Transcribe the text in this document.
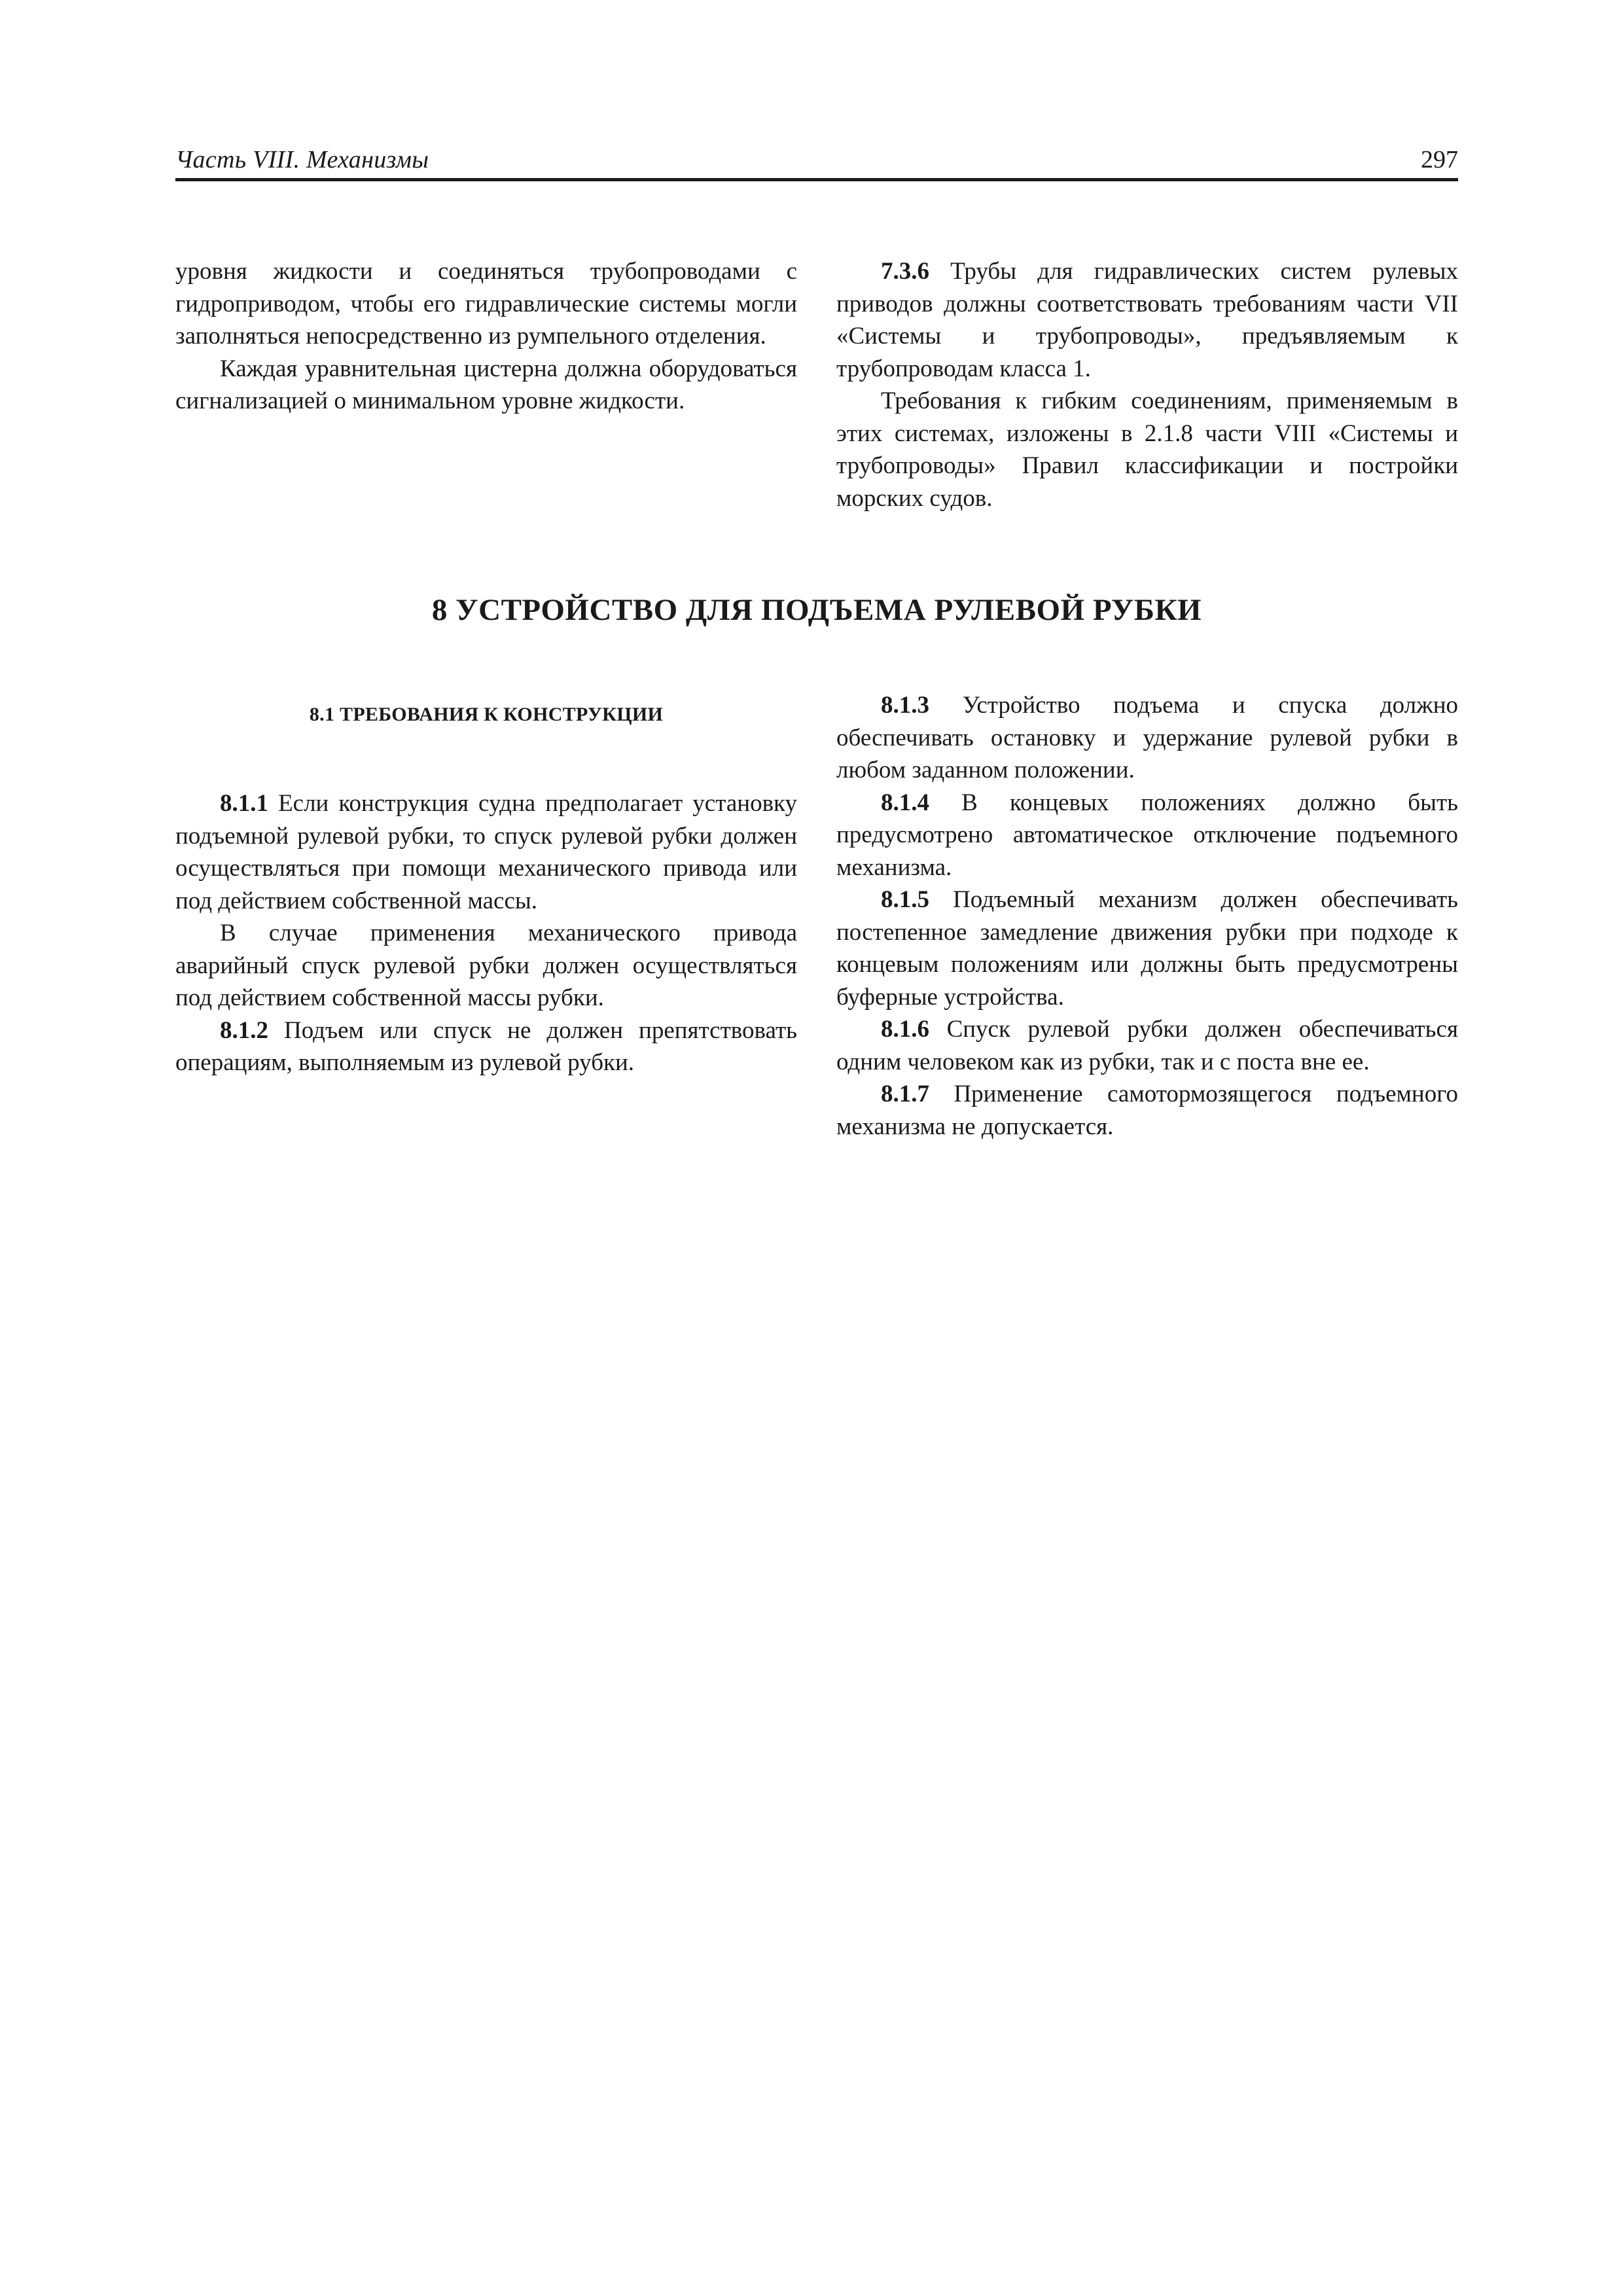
Часть VIII. Механизмы	297

уровня жидкости и соединяться трубопроводами с гидроприводом, чтобы его гидравлические системы могли заполняться непосредственно из румпельного отделения.

Каждая уравнительная цистерна должна оборудоваться сигнализацией о минимальном уровне жидкости.

7.3.6 Трубы для гидравлических систем рулевых приводов должны соответствовать требованиям части VII «Системы и трубопроводы», предъявляемым к трубопроводам класса 1.

Требования к гибким соединениям, применяемым в этих системах, изложены в 2.1.8 части VIII «Системы и трубопроводы» Правил классификации и постройки морских судов.

8 УСТРОЙСТВО ДЛЯ ПОДЪЕМА РУЛЕВОЙ РУБКИ
8.1 ТРЕБОВАНИЯ К КОНСТРУКЦИИ

8.1.1 Если конструкция судна предполагает установку подъемной рулевой рубки, то спуск рулевой рубки должен осуществляться при помощи механического привода или под действием собственной массы.

В случае применения механического привода аварийный спуск рулевой рубки должен осуществляться под действием собственной массы рубки.

8.1.2 Подъем или спуск не должен препятствовать операциям, выполняемым из рулевой рубки.

8.1.3 Устройство подъема и спуска должно обеспечивать остановку и удержание рулевой рубки в любом заданном положении.

8.1.4 В концевых положениях должно быть предусмотрено автоматическое отключение подъемного механизма.

8.1.5 Подъемный механизм должен обеспечивать постепенное замедление движения рубки при подходе к концевым положениям или должны быть предусмотрены буферные устройства.

8.1.6 Спуск рулевой рубки должен обеспечиваться одним человеком как из рубки, так и с поста вне ее.

8.1.7 Применение самотормозящегося подъемного механизма не допускается.
